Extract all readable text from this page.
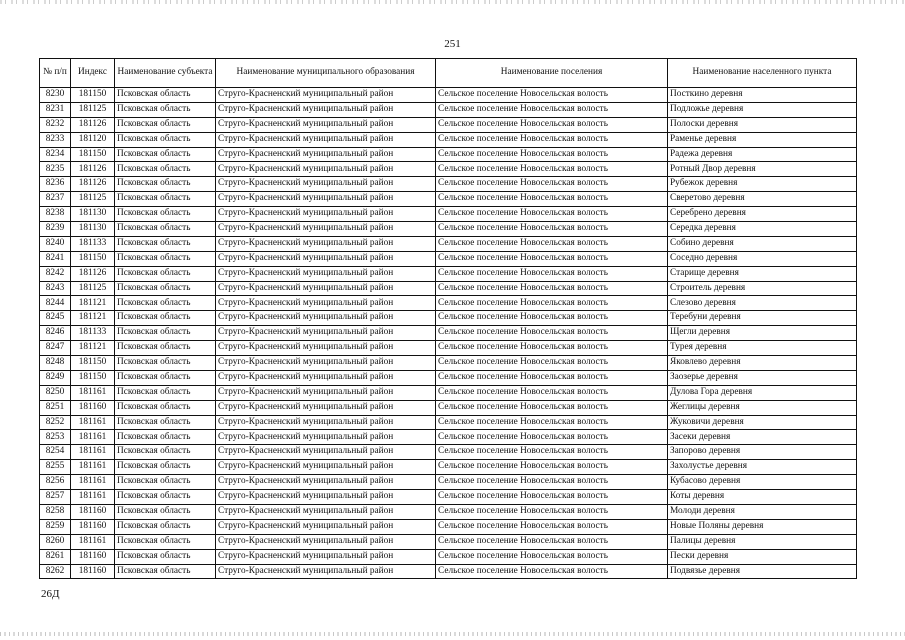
251
№ п/п	Индекс	Наименование субъекта	Наименование муниципального образования	Наименование поселения	Наименование населенного пункта
8230	181150	Псковская область	Струго-Красненский муниципальный район	Сельское поселение Новосельская волость	Посткино деревня
8231	181125	Псковская область	Струго-Красненский муниципальный район	Сельское поселение Новосельская волость	Подложье деревня
8232	181126	Псковская область	Струго-Красненский муниципальный район	Сельское поселение Новосельская волость	Полоски деревня
8233	181120	Псковская область	Струго-Красненский муниципальный район	Сельское поселение Новосельская волость	Раменье деревня
8234	181150	Псковская область	Струго-Красненский муниципальный район	Сельское поселение Новосельская волость	Радежа деревня
8235	181126	Псковская область	Струго-Красненский муниципальный район	Сельское поселение Новосельская волость	Ротный Двор деревня
8236	181126	Псковская область	Струго-Красненский муниципальный район	Сельское поселение Новосельская волость	Рубежок деревня
8237	181125	Псковская область	Струго-Красненский муниципальный район	Сельское поселение Новосельская волость	Сверетово деревня
8238	181130	Псковская область	Струго-Красненский муниципальный район	Сельское поселение Новосельская волость	Серебрено деревня
8239	181130	Псковская область	Струго-Красненский муниципальный район	Сельское поселение Новосельская волость	Середка деревня
8240	181133	Псковская область	Струго-Красненский муниципальный район	Сельское поселение Новосельская волость	Собино деревня
8241	181150	Псковская область	Струго-Красненский муниципальный район	Сельское поселение Новосельская волость	Соседно деревня
8242	181126	Псковская область	Струго-Красненский муниципальный район	Сельское поселение Новосельская волость	Старище деревня
8243	181125	Псковская область	Струго-Красненский муниципальный район	Сельское поселение Новосельская волость	Строитель деревня
8244	181121	Псковская область	Струго-Красненский муниципальный район	Сельское поселение Новосельская волость	Слезово деревня
8245	181121	Псковская область	Струго-Красненский муниципальный район	Сельское поселение Новосельская волость	Теребуни деревня
8246	181133	Псковская область	Струго-Красненский муниципальный район	Сельское поселение Новосельская волость	Щегли деревня
8247	181121	Псковская область	Струго-Красненский муниципальный район	Сельское поселение Новосельская волость	Турея деревня
8248	181150	Псковская область	Струго-Красненский муниципальный район	Сельское поселение Новосельская волость	Яковлево деревня
8249	181150	Псковская область	Струго-Красненский муниципальный район	Сельское поселение Новосельская волость	Заозерье деревня
8250	181161	Псковская область	Струго-Красненский муниципальный район	Сельское поселение Новосельская волость	Дулова Гора деревня
8251	181160	Псковская область	Струго-Красненский муниципальный район	Сельское поселение Новосельская волость	Жеглицы деревня
8252	181161	Псковская область	Струго-Красненский муниципальный район	Сельское поселение Новосельская волость	Жуковичи деревня
8253	181161	Псковская область	Струго-Красненский муниципальный район	Сельское поселение Новосельская волость	Засеки деревня
8254	181161	Псковская область	Струго-Красненский муниципальный район	Сельское поселение Новосельская волость	Запорово деревня
8255	181161	Псковская область	Струго-Красненский муниципальный район	Сельское поселение Новосельская волость	Захолустье деревня
8256	181161	Псковская область	Струго-Красненский муниципальный район	Сельское поселение Новосельская волость	Кубасово деревня
8257	181161	Псковская область	Струго-Красненский муниципальный район	Сельское поселение Новосельская волость	Коты деревня
8258	181160	Псковская область	Струго-Красненский муниципальный район	Сельское поселение Новосельская волость	Молоди деревня
8259	181160	Псковская область	Струго-Красненский муниципальный район	Сельское поселение Новосельская волость	Новые Поляны деревня
8260	181161	Псковская область	Струго-Красненский муниципальный район	Сельское поселение Новосельская волость	Палицы деревня
8261	181160	Псковская область	Струго-Красненский муниципальный район	Сельское поселение Новосельская волость	Пески деревня
8262	181160	Псковская область	Струго-Красненский муниципальный район	Сельское поселение Новосельская волость	Подвязье деревня
26Д
